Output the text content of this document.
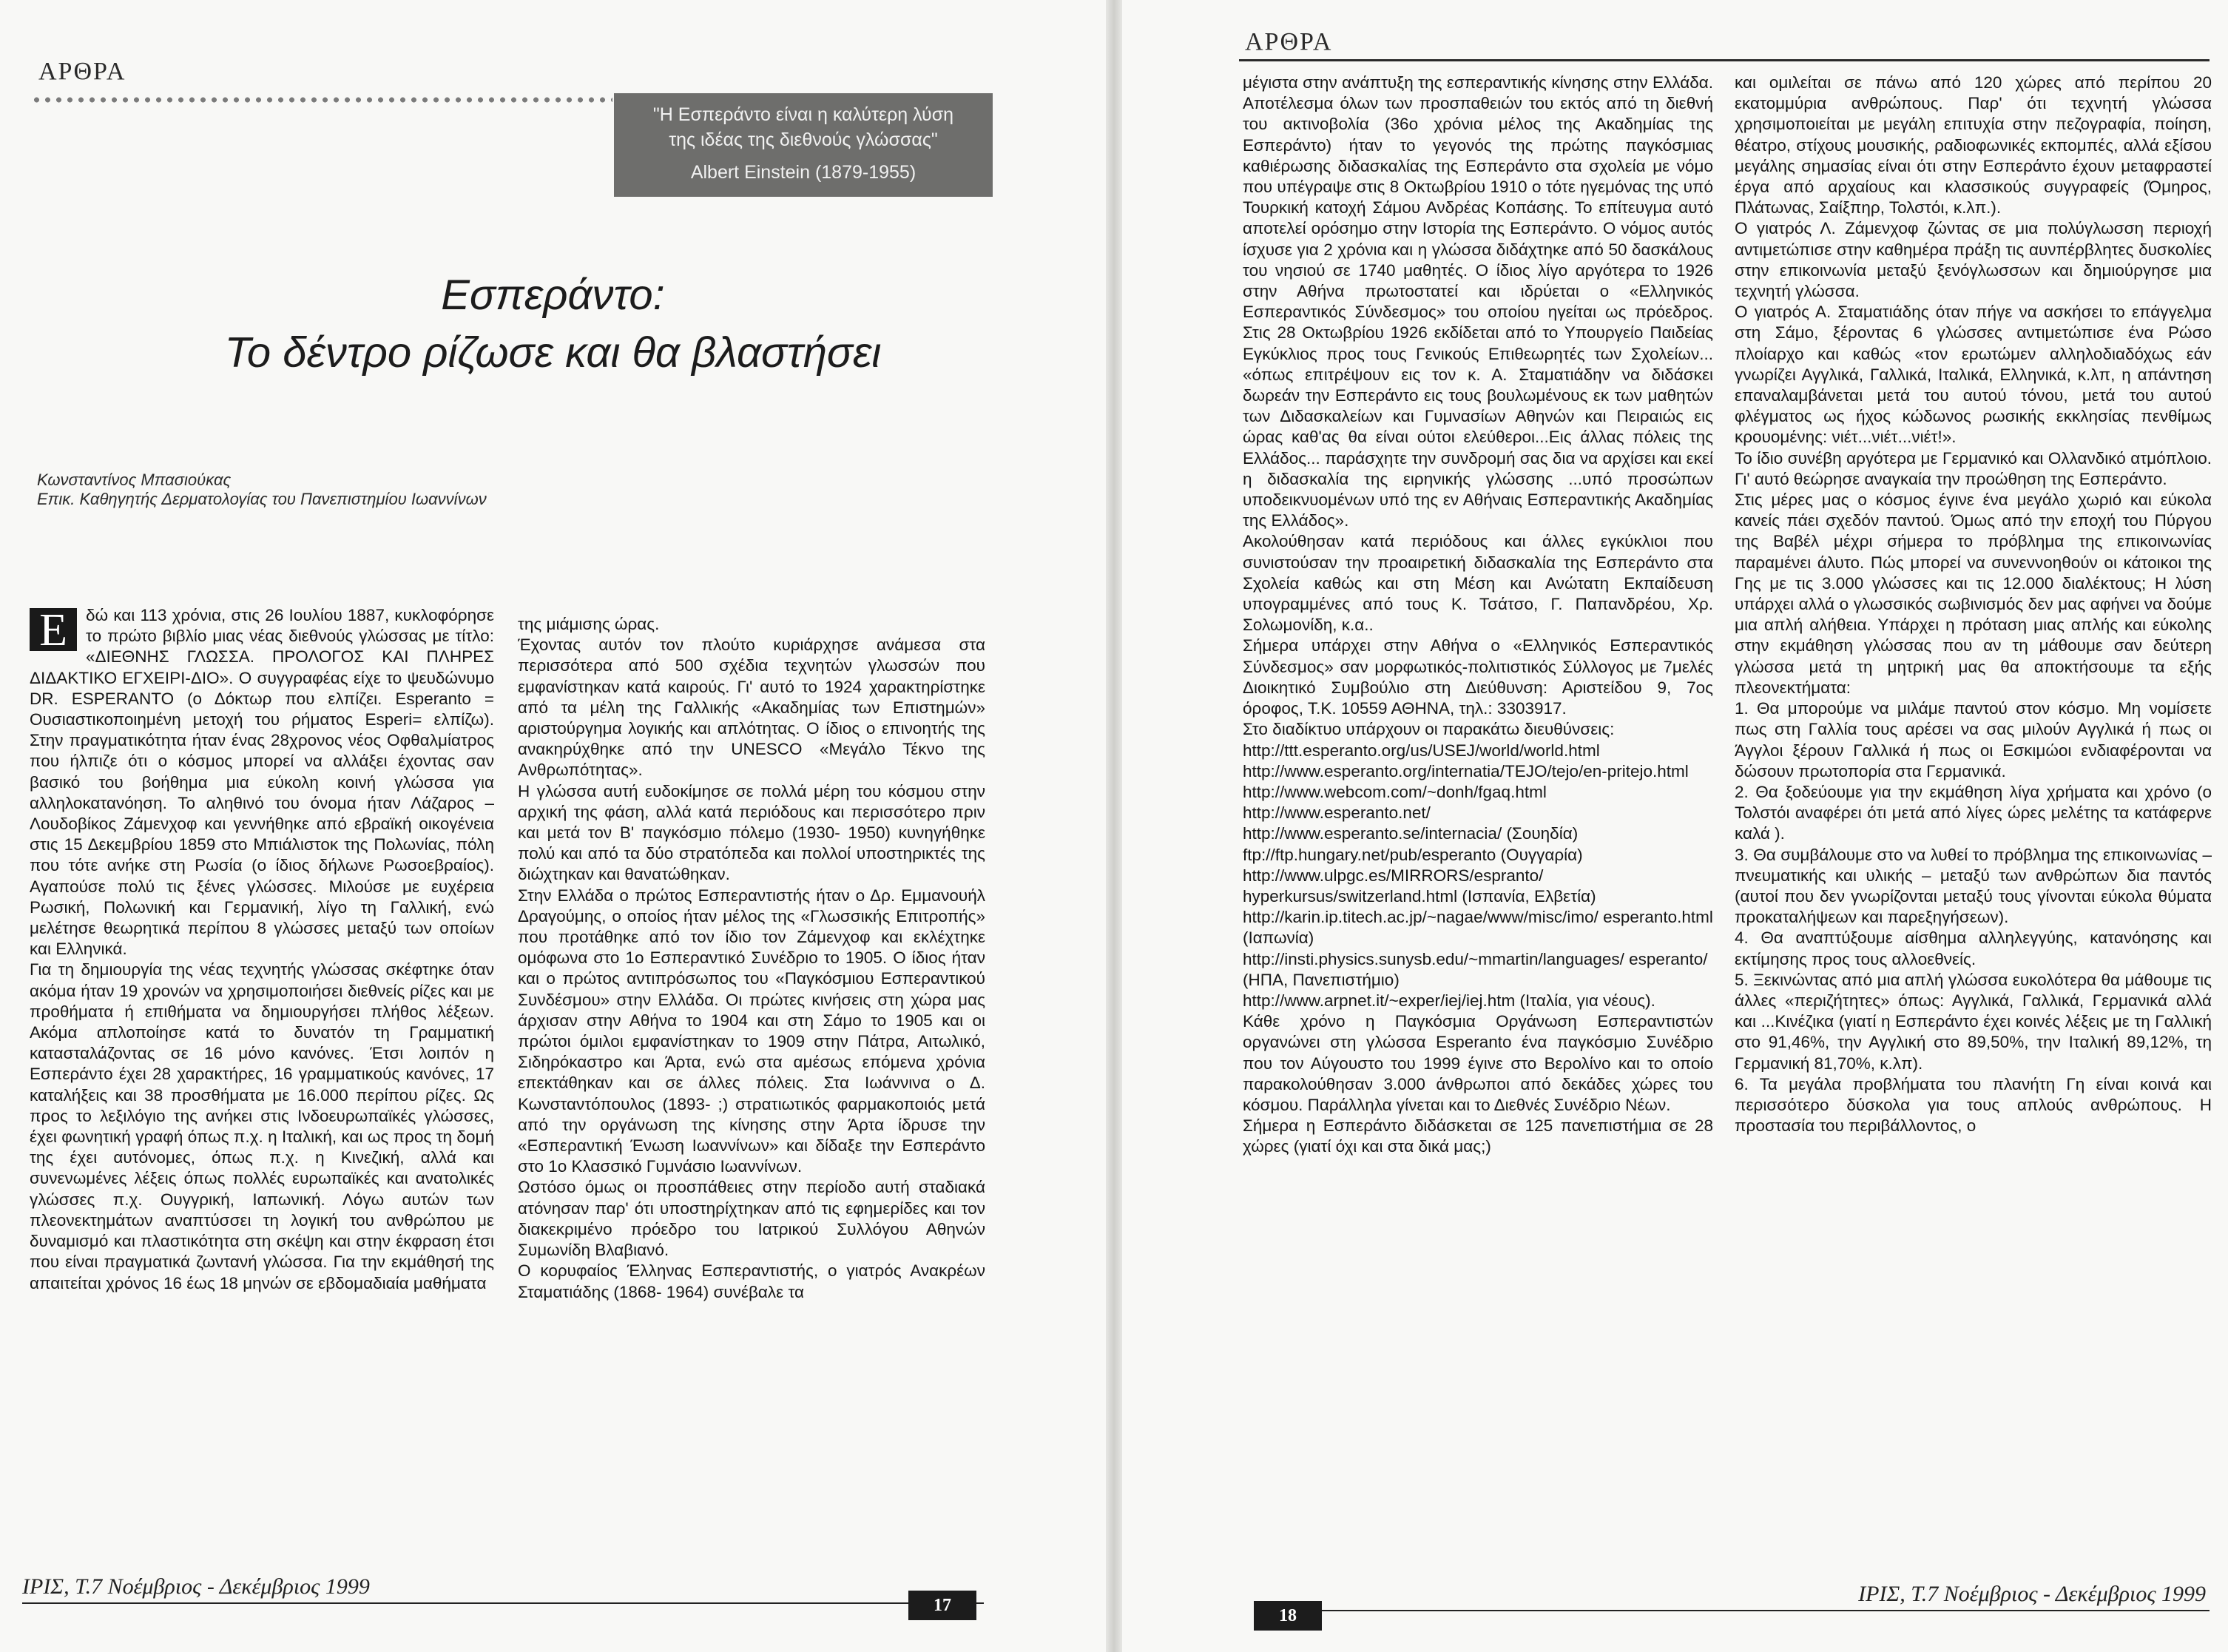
ΑΡΘΡΑ
"Η Εσπεράντο είναι η καλύτερη λύση
της ιδέας της διεθνούς γλώσσας"
Albert Einstein (1879-1955)
Εσπεράντο:
Το δέντρο ρίζωσε και θα βλαστήσει
Κωνσταντίνος Μπασιούκας
Επικ. Καθηγητής Δερματολογίας του Πανεπιστημίου Ιωαννίνων
Ε	δώ και 113 χρόνια, στις 26 Ιουλίου 1887, κυκλοφόρησε το πρώτο βιβλίο μιας νέας διεθνούς γλώσσας με τίτλο: «ΔΙΕΘΝΗΣ ΓΛΩΣΣΑ. ΠΡΟΛΟΓΟΣ ΚΑΙ ΠΛΗΡΕΣ ΔΙΔΑΚΤΙΚΟ ΕΓΧΕΙΡΙ-ΔΙΟ». Ο συγγραφέας είχε το ψευδώνυμο DR. ESPERANTO (ο Δόκτωρ που ελπίζει. Esperanto = Ουσιαστικοποιημένη μετοχή του ρήματος Esperi= ελπίζω). Στην πραγματικότητα ήταν ένας 28χρονος νέος Οφθαλμίατρος που ήλπιζε ότι ο κόσμος μπορεί να αλλάξει έχοντας σαν βασικό του βοήθημα μια εύκολη κοινή γλώσσα για αλληλοκατανόηση. Το αληθινό του όνομα ήταν Λάζαρος – Λουδοβίκος Ζάμενχοφ και γεννήθηκε από εβραϊκή οικογένεια στις 15 Δεκεμβρίου 1859 στο Μπιάλιστοκ της Πολωνίας, πόλη που τότε ανήκε στη Ρωσία (ο ίδιος δήλωνε Ρωσοεβραίος). Αγαπούσε πολύ τις ξένες γλώσσες. Μιλούσε με ευχέρεια Ρωσική, Πολωνική και Γερμανική, λίγο τη Γαλλική, ενώ μελέτησε θεωρητικά περίπου 8 γλώσσες μεταξύ των οποίων και Ελληνικά.

Για τη δημιουργία της νέας τεχνητής γλώσσας σκέφτηκε όταν ακόμα ήταν 19 χρονών να χρησιμοποιήσει διεθνείς ρίζες και με προθήματα ή επιθήματα να δημιουργήσει πλήθος λέξεων. Ακόμα απλοποίησε κατά το δυνατόν τη Γραμματική κατασταλάζοντας σε 16 μόνο κανόνες. Έτσι λοιπόν η Εσπεράντο έχει 28 χαρακτήρες, 16 γραμματικούς κανόνες, 17 καταλήξεις και 38 προσθήματα με 16.000 περίπου ρίζες. Ως προς το λεξιλόγιο της ανήκει στις Ινδοευρωπαϊκές γλώσσες, έχει φωνητική γραφή όπως π.χ. η Ιταλική, και ως προς τη δομή της έχει αυτόνομες, όπως π.χ. η Κινεζική, αλλά και συνενωμένες λέξεις όπως πολλές ευρωπαϊκές και ανατολικές γλώσσες π.χ. Ουγγρική, Ιαπωνική. Λόγω αυτών των πλεονεκτημάτων αναπτύσσει τη λογική του ανθρώπου με δυναμισμό και πλαστικότητα στη σκέψη και στην έκφραση έτσι που είναι πραγματικά ζωντανή γλώσσα. Για την εκμάθησή της απαιτείται χρόνος 16 έως 18 μηνών σε εβδομαδιαία μαθήματα

της μιάμισης ώρας.

Έχοντας αυτόν τον πλούτο κυριάρχησε ανάμεσα στα περισσότερα από 500 σχέδια τεχνητών γλωσσών που εμφανίστηκαν κατά καιρούς. Γι' αυτό το 1924 χαρακτηρίστηκε από τα μέλη της Γαλλικής «Ακαδημίας των Επιστημών» αριστούργημα λογικής και απλότητας. Ο ίδιος ο επινοητής της ανακηρύχθηκε από την UNESCO «Μεγάλο Τέκνο της Ανθρωπότητας».

Η γλώσσα αυτή ευδοκίμησε σε πολλά μέρη του κόσμου στην αρχική της φάση, αλλά κατά περιόδους και περισσότερο πριν και μετά τον Β' παγκόσμιο πόλεμο (1930- 1950) κυνηγήθηκε πολύ και από τα δύο στρατόπεδα και πολλοί υποστηρικτές της διώχτηκαν και θανατώθηκαν.

Στην Ελλάδα ο πρώτος Εσπεραντιστής ήταν ο Δρ. Εμμανουήλ Δραγούμης, ο οποίος ήταν μέλος της «Γλωσσικής Επιτροπής» που προτάθηκε από τον ίδιο τον Ζάμενχοφ και εκλέχτηκε ομόφωνα στο 1ο Εσπεραντικό Συνέδριο το 1905. Ο ίδιος ήταν και ο πρώτος αντιπρόσωπος του «Παγκόσμιου Εσπεραντικού Συνδέσμου» στην Ελλάδα. Οι πρώτες κινήσεις στη χώρα μας άρχισαν στην Αθήνα το 1904 και στη Σάμο το 1905 και οι πρώτοι όμιλοι εμφανίστηκαν το 1909 στην Πάτρα, Αιτωλικό, Σιδηρόκαστρο και Άρτα, ενώ στα αμέσως επόμενα χρόνια επεκτάθηκαν και σε άλλες πόλεις. Στα Ιωάννινα ο Δ. Κωνσταντόπουλος (1893- ;) στρατιωτικός φαρμακοποιός μετά από την οργάνωση της κίνησης στην Άρτα ίδρυσε την «Εσπεραντική Ένωση Ιωαννίνων» και δίδαξε την Εσπεράντο στο 1ο Κλασσικό Γυμνάσιο Ιωαννίνων.

Ωστόσο όμως οι προσπάθειες στην περίοδο αυτή σταδιακά ατόνησαν παρ' ότι υποστηρίχτηκαν από τις εφημερίδες και τον διακεκριμένο πρόεδρο του Ιατρικού Συλλόγου Αθηνών Συμωνίδη Βλαβιανό.

Ο κορυφαίος Έλληνας Εσπεραντιστής, ο γιατρός Ανακρέων Σταματιάδης (1868- 1964) συνέβαλε τα

ΙΡΙΣ, Τ.7 Νοέμβριος - Δεκέμβριος 1999
17
ΑΡΘΡΑ

μέγιστα στην ανάπτυξη της εσπεραντικής κίνησης στην Ελλάδα. Αποτέλεσμα όλων των προσπαθειών του εκτός από τη διεθνή του ακτινοβολία (36ο χρόνια μέλος της Ακαδημίας της Εσπεράντο) ήταν το γεγονός της πρώτης παγκόσμιας καθιέρωσης διδασκαλίας της Εσπεράντο στα σχολεία με νόμο που υπέγραψε στις 8 Οκτωβρίου 1910 ο τότε ηγεμόνας της υπό Τουρκική κατοχή Σάμου Ανδρέας Κοπάσης. Το επίτευγμα αυτό αποτελεί ορόσημο στην Ιστορία της Εσπεράντο. Ο νόμος αυτός ίσχυσε για 2 χρόνια και η γλώσσα διδάχτηκε από 50 δασκάλους του νησιού σε 1740 μαθητές. Ο ίδιος λίγο αργότερα το 1926 στην Αθήνα πρωτοστατεί και ιδρύεται ο «Ελληνικός Εσπεραντικός Σύνδεσμος» του οποίου ηγείται ως πρόεδρος. Στις 28 Οκτωβρίου 1926 εκδίδεται από το Υπουργείο Παιδείας Εγκύκλιος προς τους Γενικούς Επιθεωρητές των Σχολείων... «όπως επιτρέψουν εις τον κ. Α. Σταματιάδην να διδάσκει δωρεάν την Εσπεράντο εις τους βουλωμένους εκ των μαθητών των Διδασκαλείων και Γυμνασίων Αθηνών και Πειραιώς εις ώρας καθ'ας θα είναι ούτοι ελεύθεροι...Εις άλλας πόλεις της Ελλάδος... παράσχητε την συνδρομή σας δια να αρχίσει και εκεί η διδασκαλία της ειρηνικής γλώσσης ...υπό προσώπων υποδεικνυομένων υπό της εν Αθήναις Εσπεραντικής Ακαδημίας της Ελλάδος».

Ακολούθησαν κατά περιόδους και άλλες εγκύκλιοι που συνιστούσαν την προαιρετική διδασκαλία της Εσπεράντο στα Σχολεία καθώς και στη Μέση και Ανώτατη Εκπαίδευση υπογραμμένες από τους Κ. Τσάτσο, Γ. Παπανδρέου, Χρ. Σολωμονίδη, κ.α..

Σήμερα υπάρχει στην Αθήνα ο «Ελληνικός Εσπεραντικός Σύνδεσμος» σαν μορφωτικός-πολιτιστικός Σύλλογος με 7μελές Διοικητικό Συμβούλιο στη Διεύθυνση: Αριστείδου 9, 7ος όροφος, Τ.Κ. 10559 ΑΘΗΝΑ, τηλ.: 3303917.

Στο διαδίκτυο υπάρχουν οι παρακάτω διευθύνσεις:

http://ttt.esperanto.org/us/USEJ/world/world.html

http://www.esperanto.org/internatia/TEJO/tejo/en-pritejo.html

http://www.webcom.com/~donh/fgaq.html

http://www.esperanto.net/

http://www.esperanto.se/internacia/ (Σουηδία)

ftp://ftp.hungary.net/pub/esperanto (Ουγγαρία)

http://www.ulpgc.es/MIRRORS/espranto/ hyperkursus/switzerland.html (Ισπανία, Ελβετία)

http://karin.ip.titech.ac.jp/~nagae/www/misc/imo/ esperanto.html (Ιαπωνία)

http://insti.physics.sunysb.edu/~mmartin/languages/ esperanto/ (ΗΠΑ, Πανεπιστήμιο)

http://www.arpnet.it/~exper/iej/iej.htm (Ιταλία, για νέους).

Κάθε χρόνο η Παγκόσμια Οργάνωση Εσπεραντιστών οργανώνει στη γλώσσα Esperanto ένα παγκόσμιο Συνέδριο που τον Αύγουστο του 1999 έγινε στο Βερολίνο και το οποίο παρακολούθησαν 3.000 άνθρωποι από δεκάδες χώρες του κόσμου. Παράλληλα γίνεται και το Διεθνές Συνέδριο Νέων.

Σήμερα η Εσπεράντο διδάσκεται σε 125 πανεπιστήμια σε 28 χώρες (γιατί όχι και στα δικά μας;)

και ομιλείται σε πάνω από 120 χώρες από περίπου 20 εκατομμύρια ανθρώπους. Παρ' ότι τεχνητή γλώσσα χρησιμοποιείται με μεγάλη επιτυχία στην πεζογραφία, ποίηση, θέατρο, στίχους μουσικής, ραδιοφωνικές εκπομπές, αλλά εξίσου μεγάλης σημασίας είναι ότι στην Εσπεράντο έχουν μεταφραστεί έργα από αρχαίους και κλασσικούς συγγραφείς (Όμηρος, Πλάτωνας, Σαίξπηρ, Τολστόι, κ.λπ.).

Ο γιατρός Λ. Ζάμενχοφ ζώντας σε μια πολύγλωσση περιοχή αντιμετώπισε στην καθημέρα πράξη τις αυνπέρβλητες δυσκολίες στην επικοινωνία μεταξύ ξενόγλωσσων και δημιούργησε μια τεχνητή γλώσσα.

Ο γιατρός Α. Σταματιάδης όταν πήγε να ασκήσει το επάγγελμα στη Σάμο, ξέροντας 6 γλώσσες αντιμετώπισε ένα Ρώσο πλοίαρχο και καθώς «τον ερωτώμεν αλληλοδιαδόχως εάν γνωρίζει Αγγλικά, Γαλλικά, Ιταλικά, Ελληνικά, κ.λπ, η απάντηση επαναλαμβάνεται μετά του αυτού τόνου, μετά του αυτού φλέγματος ως ήχος κώδωνος ρωσικής εκκλησίας πενθίμως κρουομένης: νιέτ...νιέτ...νιέτ!».

Το ίδιο συνέβη αργότερα με Γερμανικό και Ολλανδικό ατμόπλοιο. Γι' αυτό θεώρησε αναγκαία την προώθηση της Εσπεράντο.

Στις μέρες μας ο κόσμος έγινε ένα μεγάλο χωριό και εύκολα κανείς πάει σχεδόν παντού. Όμως από την εποχή του Πύργου της Βαβέλ μέχρι σήμερα το πρόβλημα της επικοινωνίας παραμένει άλυτο. Πώς μπορεί να συνεννοηθούν οι κάτοικοι της Γης με τις 3.000 γλώσσες και τις 12.000 διαλέκτους; Η λύση υπάρχει αλλά ο γλωσσικός σωβινισμός δεν μας αφήνει να δούμε μια απλή αλήθεια. Υπάρχει η πρόταση μιας απλής και εύκολης στην εκμάθηση γλώσσας που αν τη μάθουμε σαν δεύτερη γλώσσα μετά τη μητρική μας θα αποκτήσουμε τα εξής πλεονεκτήματα:

1. Θα μπορούμε να μιλάμε παντού στον κόσμο. Μη νομίσετε πως στη Γαλλία τους αρέσει να σας μιλούν Αγγλικά ή πως οι Άγγλοι ξέρουν Γαλλικά ή πως οι Εσκιμώοι ενδιαφέρονται να δώσουν πρωτοπορία στα Γερμανικά.

2. Θα ξοδεύουμε για την εκμάθηση λίγα χρήματα και χρόνο (ο Τολστόι αναφέρει ότι μετά από λίγες ώρες μελέτης τα κατάφερνε καλά ).

3. Θα συμβάλουμε στο να λυθεί το πρόβλημα της επικοινωνίας – πνευματικής και υλικής – μεταξύ των ανθρώπων δια παντός (αυτοί που δεν γνωρίζονται μεταξύ τους γίνονται εύκολα θύματα προκαταλήψεων και παρεξηγήσεων).

4. Θα αναπτύξουμε αίσθημα αλληλεγγύης, κατανόησης και εκτίμησης προς τους αλλοεθνείς.

5. Ξεκινώντας από μια απλή γλώσσα ευκολότερα θα μάθουμε τις άλλες «περιζήτητες» όπως: Αγγλικά, Γαλλικά, Γερμανικά αλλά και ...Κινέζικα (γιατί η Εσπεράντο έχει κοινές λέξεις με τη Γαλλική στο 91,46%, την Αγγλική στο 89,50%, την Ιταλική 89,12%, τη Γερμανική 81,70%, κ.λπ).

6. Τα μεγάλα προβλήματα του πλανήτη Γη είναι κοινά και περισσότερο δύσκολα για τους απλούς ανθρώπους. Η προστασία του περιβάλλοντος, ο

18
ΙΡΙΣ, Τ.7 Νοέμβριος - Δεκέμβριος 1999
